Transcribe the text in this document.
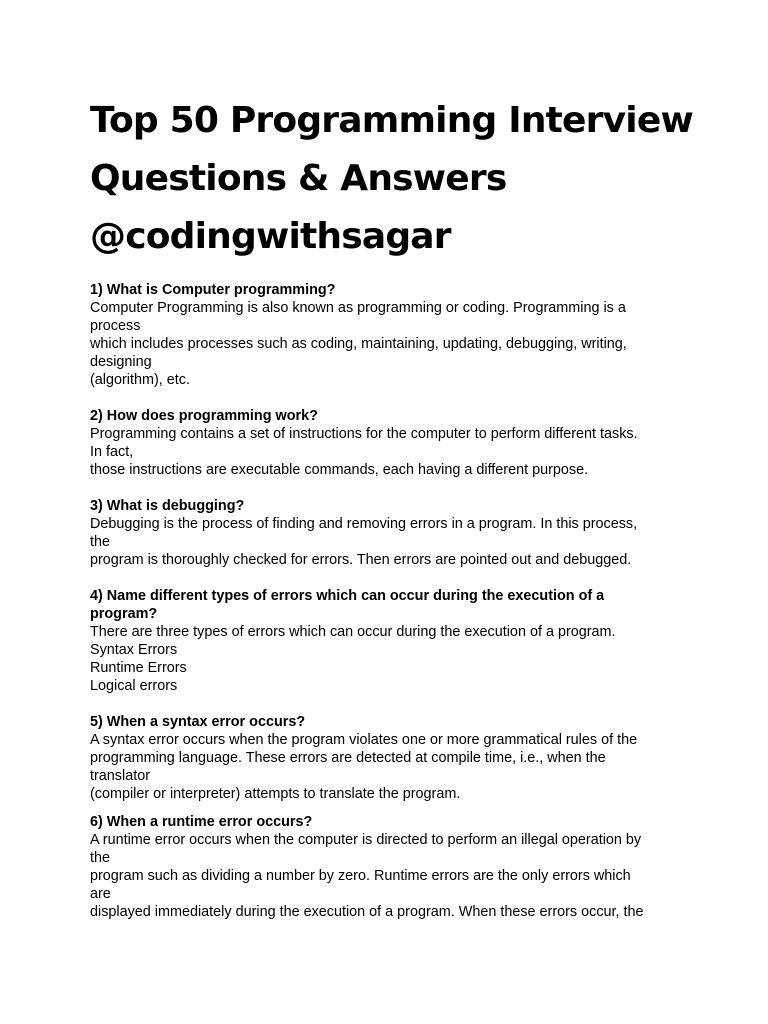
Top 50 Programming Interview
Questions & Answers
@codingwithsagar
1) What is Computer programming?
Computer Programming is also known as programming or coding. Programming is a
process
which includes processes such as coding, maintaining, updating, debugging, writing,
designing
(algorithm), etc.
2) How does programming work?
Programming contains a set of instructions for the computer to perform different tasks.
In fact,
those instructions are executable commands, each having a different purpose.
3) What is debugging?
Debugging is the process of finding and removing errors in a program. In this process,
the
program is thoroughly checked for errors. Then errors are pointed out and debugged.
4) Name different types of errors which can occur during the execution of a
program?
There are three types of errors which can occur during the execution of a program.
Syntax Errors
Runtime Errors
Logical errors
5) When a syntax error occurs?
A syntax error occurs when the program violates one or more grammatical rules of the
programming language. These errors are detected at compile time, i.e., when the
translator
(compiler or interpreter) attempts to translate the program.
6) When a runtime error occurs?
A runtime error occurs when the computer is directed to perform an illegal operation by
the
program such as dividing a number by zero. Runtime errors are the only errors which
are
displayed immediately during the execution of a program. When these errors occur, the
